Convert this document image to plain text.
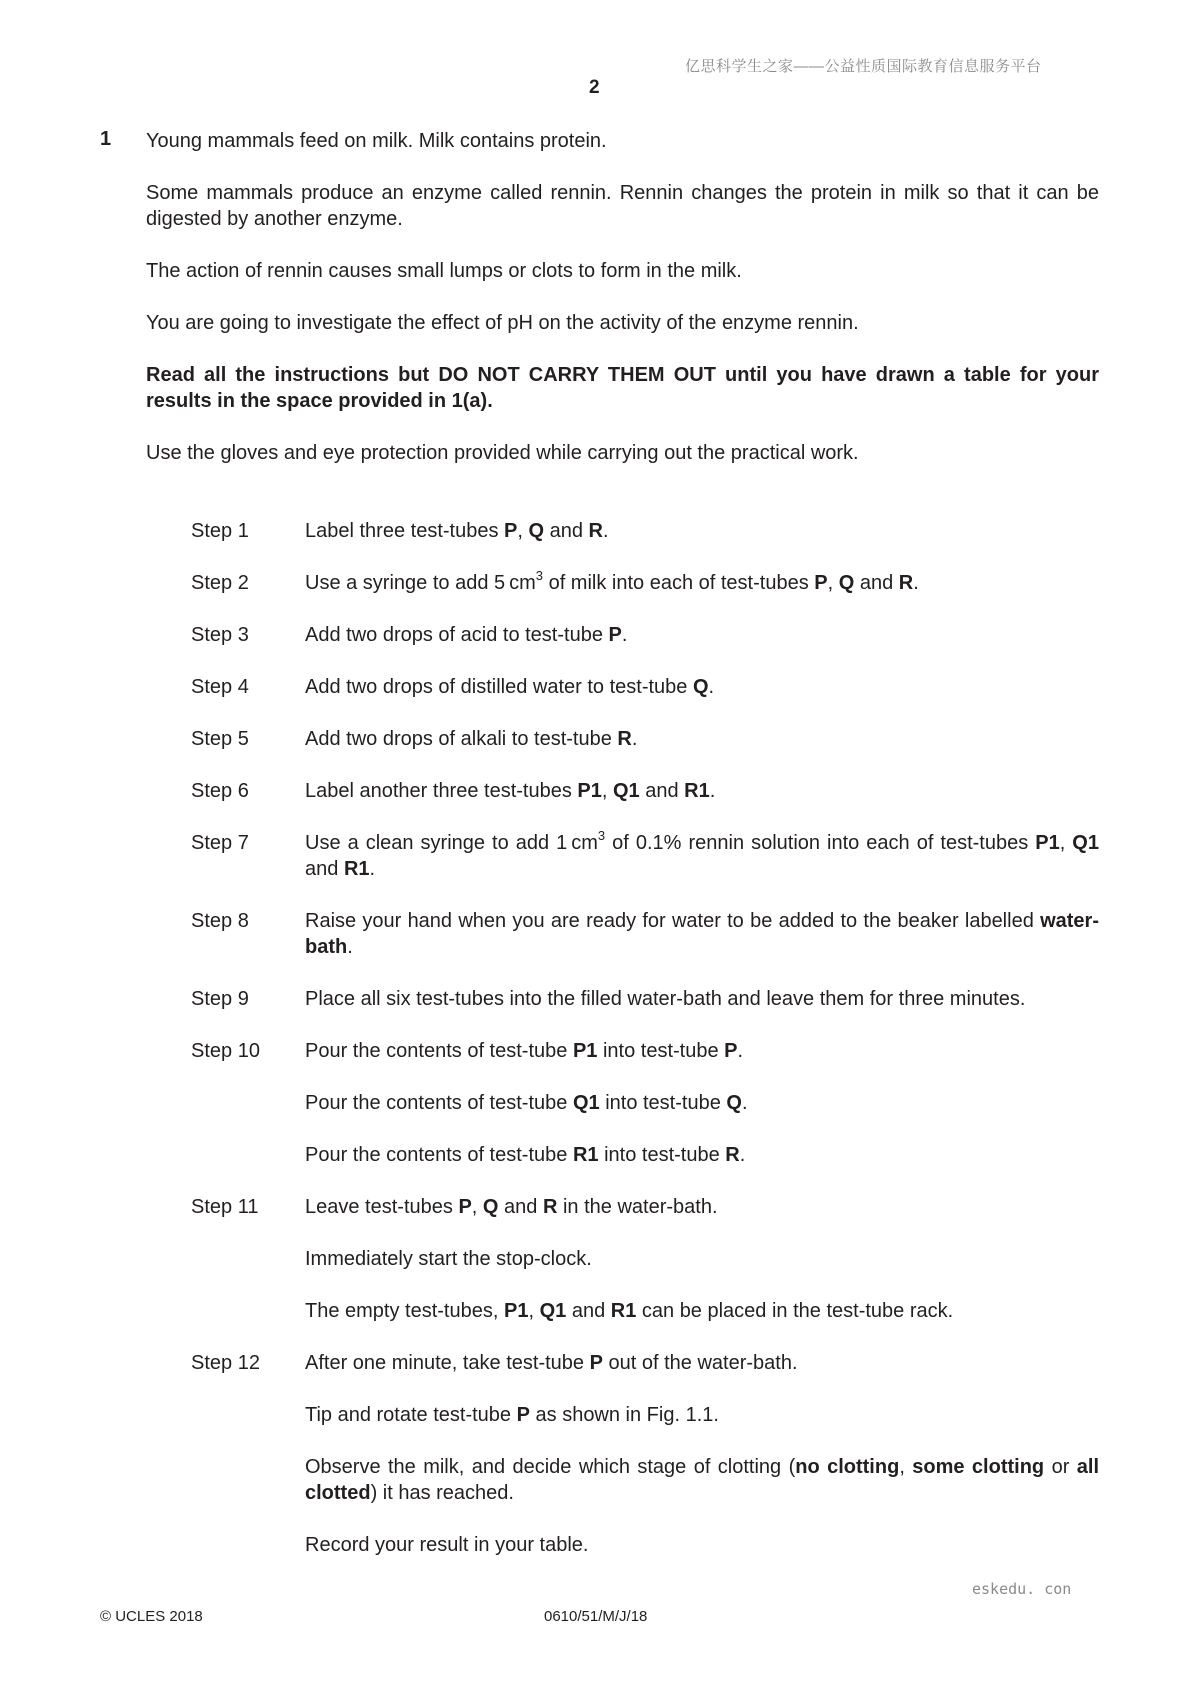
亿思科学生之家——公益性质国际教育信息服务平台
2
1 Young mammals feed on milk. Milk contains protein.
Some mammals produce an enzyme called rennin. Rennin changes the protein in milk so that it can be digested by another enzyme.
The action of rennin causes small lumps or clots to form in the milk.
You are going to investigate the effect of pH on the activity of the enzyme rennin.
Read all the instructions but DO NOT CARRY THEM OUT until you have drawn a table for your results in the space provided in 1(a).
Use the gloves and eye protection provided while carrying out the practical work.
Step 1	Label three test-tubes P, Q and R.
Step 2	Use a syringe to add 5 $cm^3$ of milk into each of test-tubes P, Q and R.
Step 3	Add two drops of acid to test-tube P.
Step 4	Add two drops of distilled water to test-tube Q.
Step 5	Add two drops of alkali to test-tube R.
Step 6	Label another three test-tubes P1, Q1 and R1.
Step 7	Use a clean syringe to add 1 $cm^3$ of 0.1% rennin solution into each of test-tubes P1, Q1 and R1.
Step 8	Raise your hand when you are ready for water to be added to the beaker labelled water-bath.
Step 9	Place all six test-tubes into the filled water-bath and leave them for three minutes.
Step 10 Pour the contents of test-tube P1 into test-tube P.
Pour the contents of test-tube Q1 into test-tube Q.
Pour the contents of test-tube R1 into test-tube R.
Step 11 Leave test-tubes P, Q and R in the water-bath.
Immediately start the stop-clock.
The empty test-tubes, P1, Q1 and R1 can be placed in the test-tube rack.
Step 12 After one minute, take test-tube P out of the water-bath.
Tip and rotate test-tube P as shown in Fig. 1.1.
Observe the milk, and decide which stage of clotting (no clotting, some clotting or all clotted) it has reached.
Record your result in your table.
© UCLES 2018	0610/51/M/J/18
eskedu. con
